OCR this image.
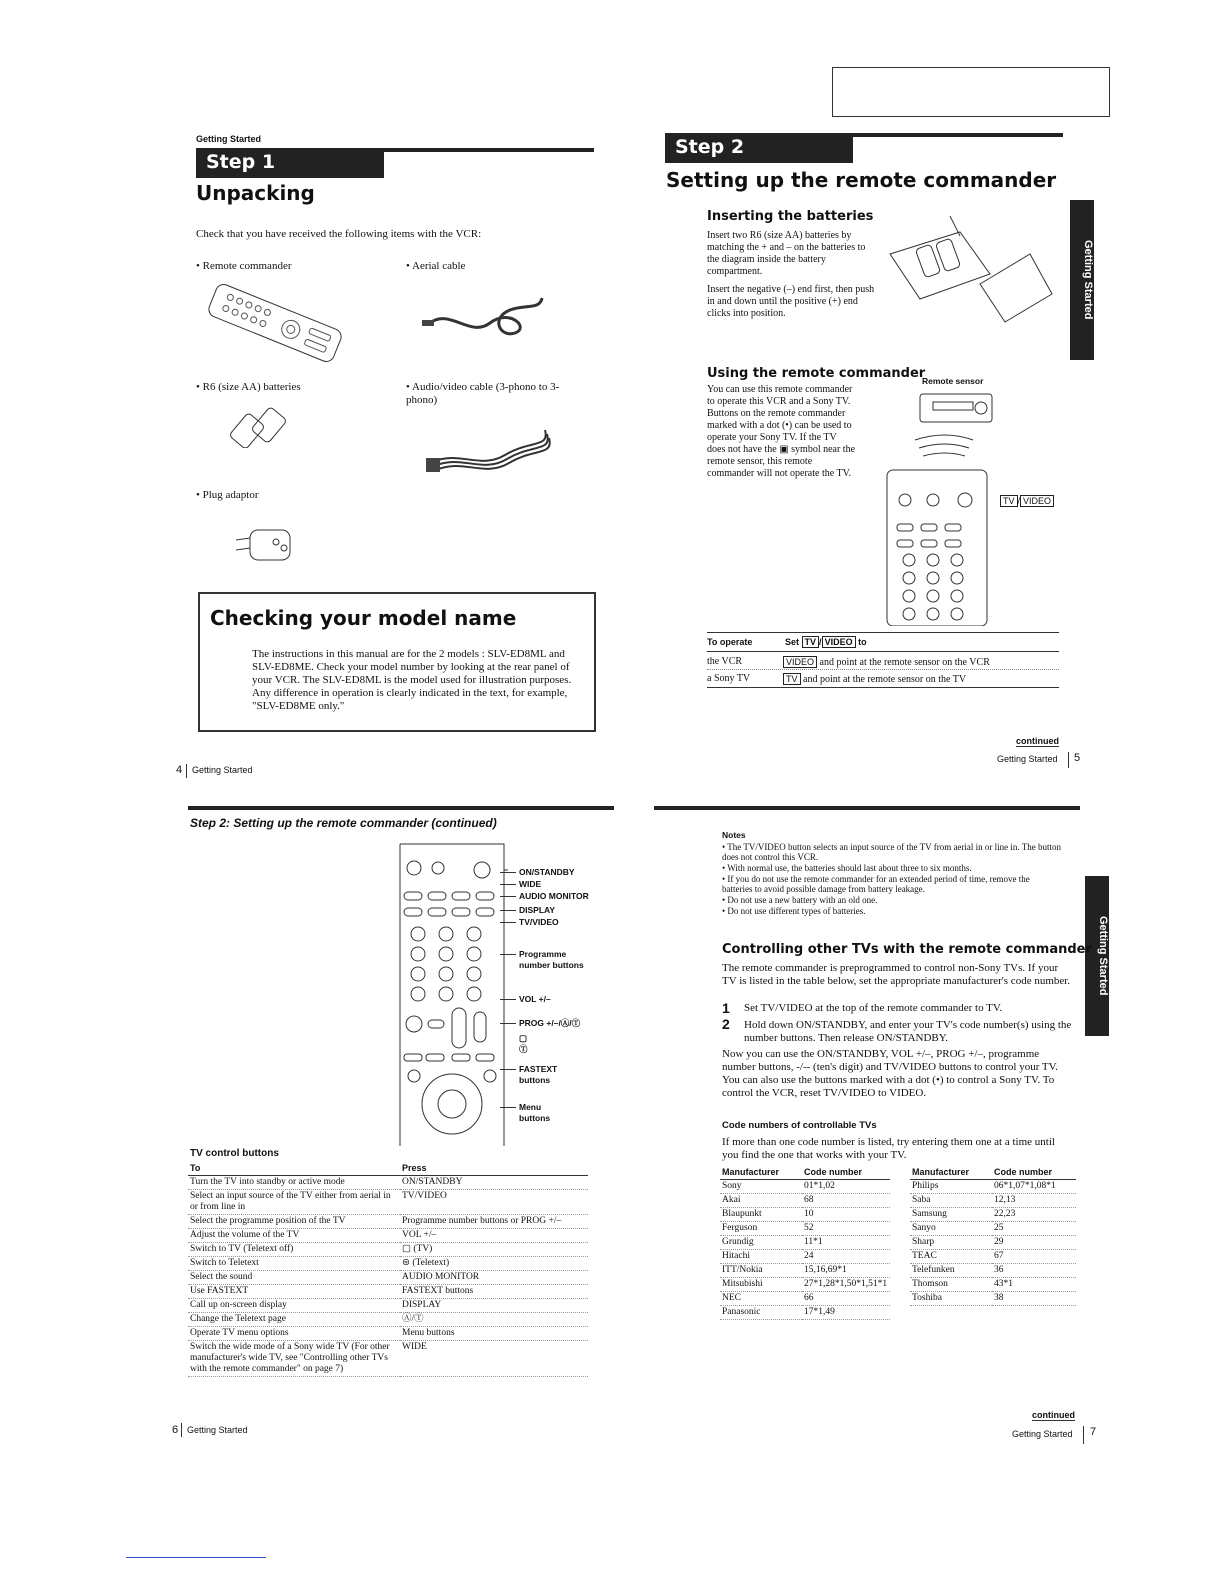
Getting Started
Step 1
Unpacking
Check that you have received the following items with the VCR:
• Remote commander	• Aerial cable
• R6 (size AA) batteries	• Audio/video cable (3-phono to 3-phono)
• Plug adaptor
Checking your model name
The instructions in this manual are for the 2 models : SLV-ED8ML and SLV-ED8ME. Check your model number by looking at the rear panel of your VCR. The SLV-ED8ML is the model used for illustration purposes. Any difference in operation is clearly indicated in the text, for example, "SLV-ED8ME only."
4 Getting Started
Step 2
Setting up the remote commander
Getting Started
Inserting the batteries
Insert two R6 (size AA) batteries by matching the + and – on the batteries to the diagram inside the battery compartment.
Insert the negative (–) end first, then push in and down until the positive (+) end clicks into position.
Using the remote commander
You can use this remote commander to operate this VCR and a Sony TV. Buttons on the remote commander marked with a dot (•) can be used to operate your Sony TV. If the TV does not have the ▣ symbol near the remote sensor, this remote commander will not operate the TV.
Remote sensor
TV / VIDEO
To operate	Set TV / VIDEO to
the VCR	VIDEO and point at the remote sensor on the VCR
a Sony TV	TV and point at the remote sensor on the TV
continued
Getting Started 5
Step 2: Setting up the remote commander (continued)
ON/STANDBY
WIDE
AUDIO MONITOR
DISPLAY
TV/VIDEO
Programme
number buttons
VOL +/–
PROG +/–/Ⓐ/Ⓣ
▢
Ⓣ
FASTEXT
buttons
Menu
buttons
TV control buttons
To	Press
Turn the TV into standby or active mode	ON/STANDBY
Select an input source of the TV either from aerial in or from line in	TV/VIDEO
Select the programme position of the TV	Programme number buttons or PROG +/–
Adjust the volume of the TV	VOL +/–
Switch to TV (Teletext off)	▢ (TV)
Switch to Teletext	⊜ (Teletext)
Select the sound	AUDIO MONITOR
Use FASTEXT	FASTEXT buttons
Call up on-screen display	DISPLAY
Change the Teletext page	Ⓐ/Ⓣ
Operate TV menu options	Menu buttons
Switch the wide mode of a Sony wide TV (For other manufacturer's wide TV, see "Controlling other TVs with the remote commander" on page 7)	WIDE
6 Getting Started
Notes
• The TV/VIDEO button selects an input source of the TV from aerial in or line in. The button does not control this VCR.
• With normal use, the batteries should last about three to six months.
• If you do not use the remote commander for an extended period of time, remove the batteries to avoid possible damage from battery leakage.
• Do not use a new battery with an old one.
• Do not use different types of batteries.
Getting Started
Controlling other TVs with the remote commander
The remote commander is preprogrammed to control non-Sony TVs. If your TV is listed in the table below, set the appropriate manufacturer's code number.
1 Set TV/VIDEO at the top of the remote commander to TV.
2 Hold down ON/STANDBY, and enter your TV's code number(s) using the number buttons. Then release ON/STANDBY.
Now you can use the ON/STANDBY, VOL +/–, PROG +/–, programme number buttons, -/-- (ten's digit) and TV/VIDEO buttons to control your TV. You can also use the buttons marked with a dot (•) to control a Sony TV. To control the VCR, reset TV/VIDEO to VIDEO.
Code numbers of controllable TVs
If more than one code number is listed, try entering them one at a time until you find the one that works with your TV.
Manufacturer	Code number
Sony	01*1,02
Akai	68
Blaupunkt	10
Ferguson	52
Grundig	11*1
Hitachi	24
ITT/Nokia	15,16,69*1
Mitsubishi	27*1,28*1,50*1,51*1
NEC	66
Panasonic	17*1,49
Manufacturer	Code number
Philips	06*1,07*1,08*1
Saba	12,13
Samsung	22,23
Sanyo	25
Sharp	29
TEAC	67
Telefunken	36
Thomson	43*1
Toshiba	38
continued
Getting Started 7
